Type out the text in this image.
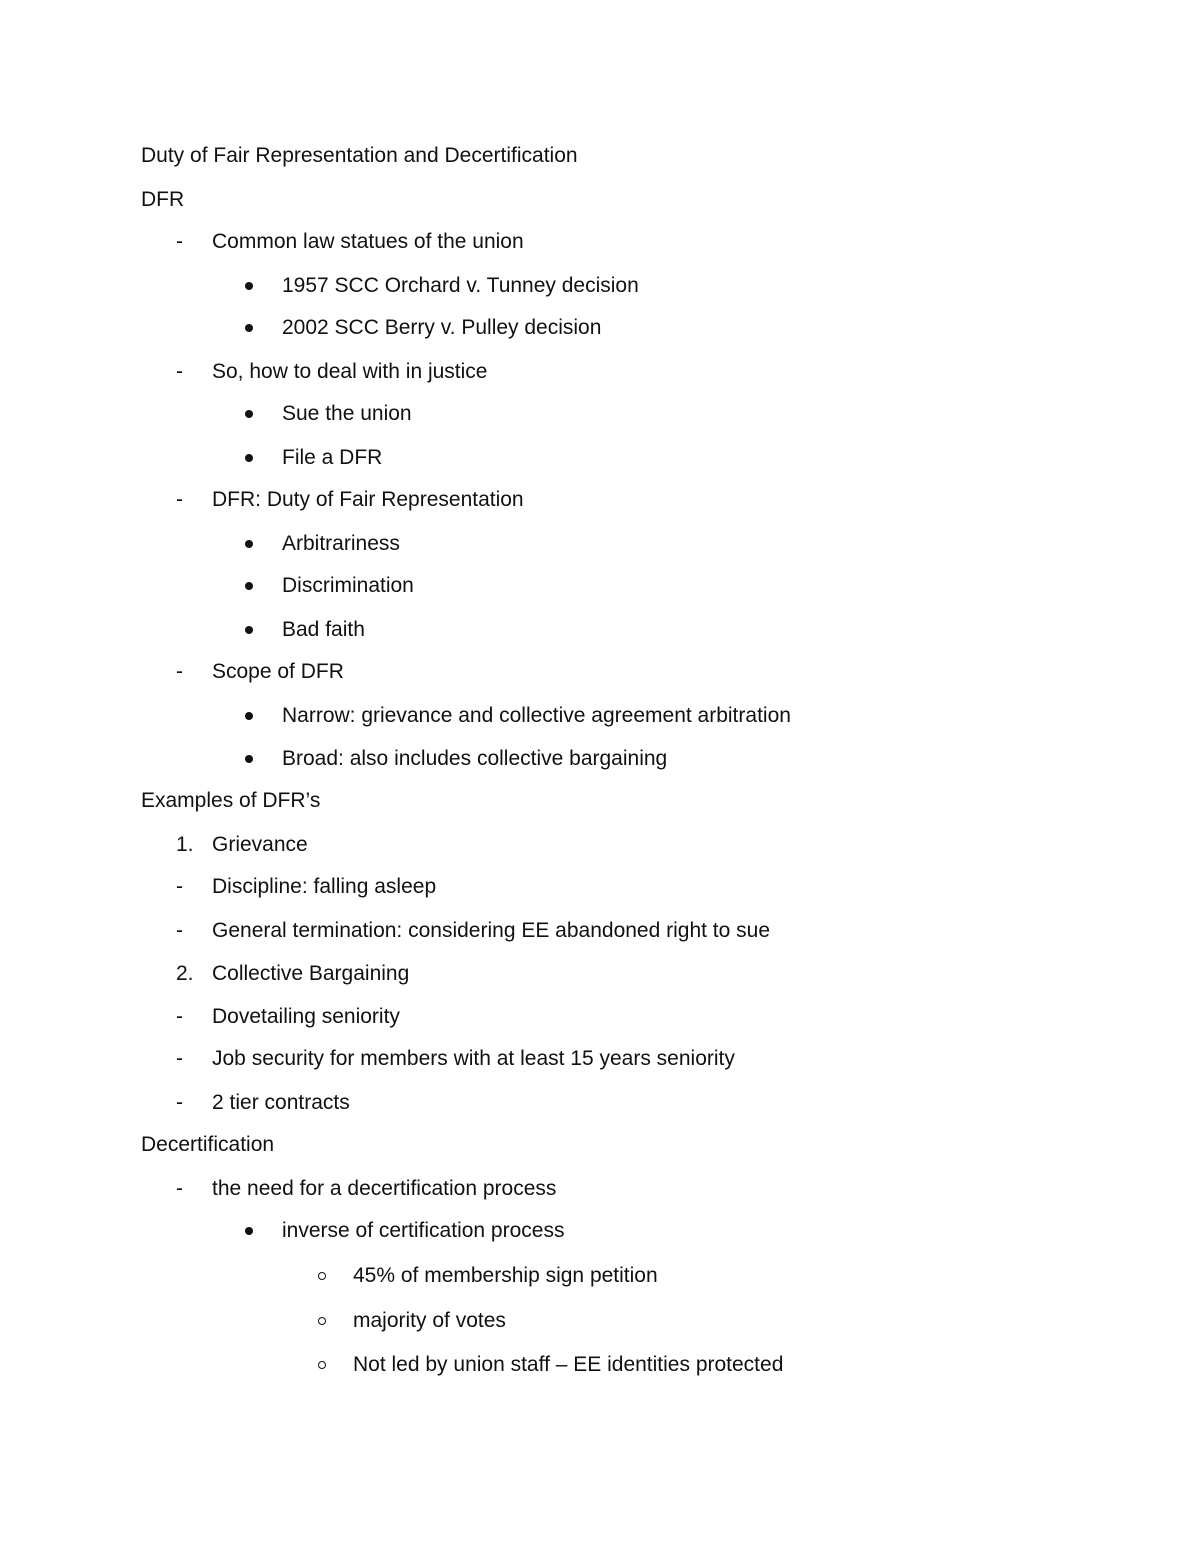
Duty of Fair Representation and Decertification
DFR
- Common law statues of the union
1957 SCC Orchard v. Tunney decision
2002 SCC Berry v. Pulley decision
- So, how to deal with in justice
Sue the union
File a DFR
- DFR: Duty of Fair Representation
Arbitrariness
Discrimination
Bad faith
- Scope of DFR
Narrow: grievance and collective agreement arbitration
Broad: also includes collective bargaining
Examples of DFR’s
1. Grievance
- Discipline: falling asleep
- General termination: considering EE abandoned right to sue
2. Collective Bargaining
- Dovetailing seniority
- Job security for members with at least 15 years seniority
- 2 tier contracts
Decertification
- the need for a decertification process
inverse of certification process
45% of membership sign petition
majority of votes
Not led by union staff – EE identities protected
